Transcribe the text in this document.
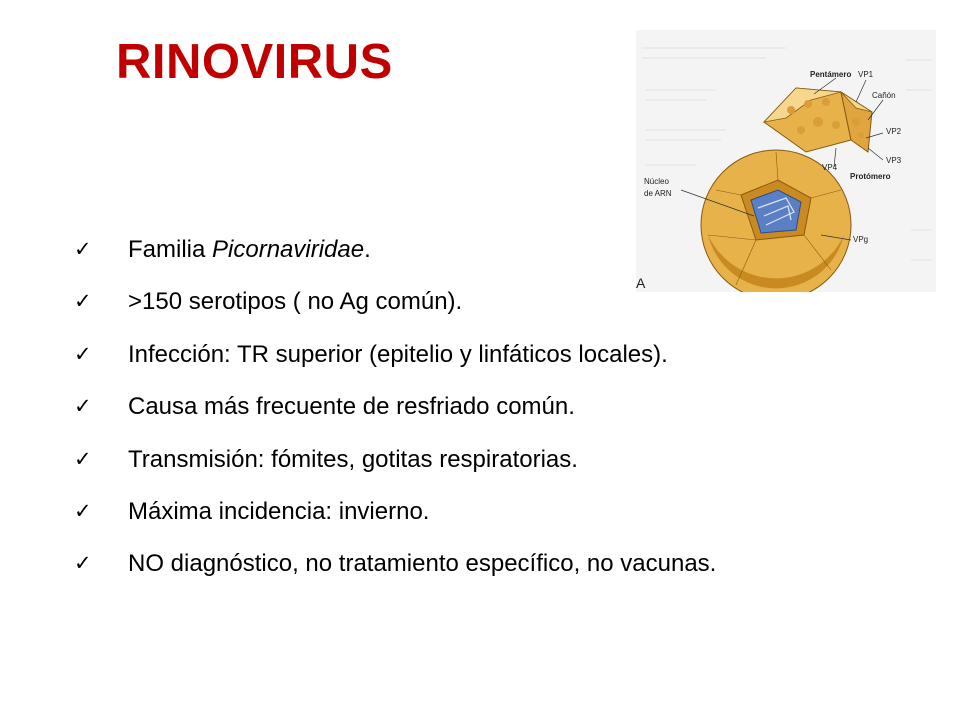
RINOVIRUS	Pentámero VP1
Cañón
VP2
VP3
VP4
Protómero
Núcleo
de ARN
VPg
A
✓	Familia Picornaviridae.
✓	>150 serotipos ( no Ag común).
✓	Infección: TR superior (epitelio y linfáticos locales).
✓	Causa más frecuente de resfriado común.
✓	Transmisión: fómites, gotitas respiratorias.
✓	Máxima incidencia: invierno.
✓	NO diagnóstico, no tratamiento específico, no vacunas.
